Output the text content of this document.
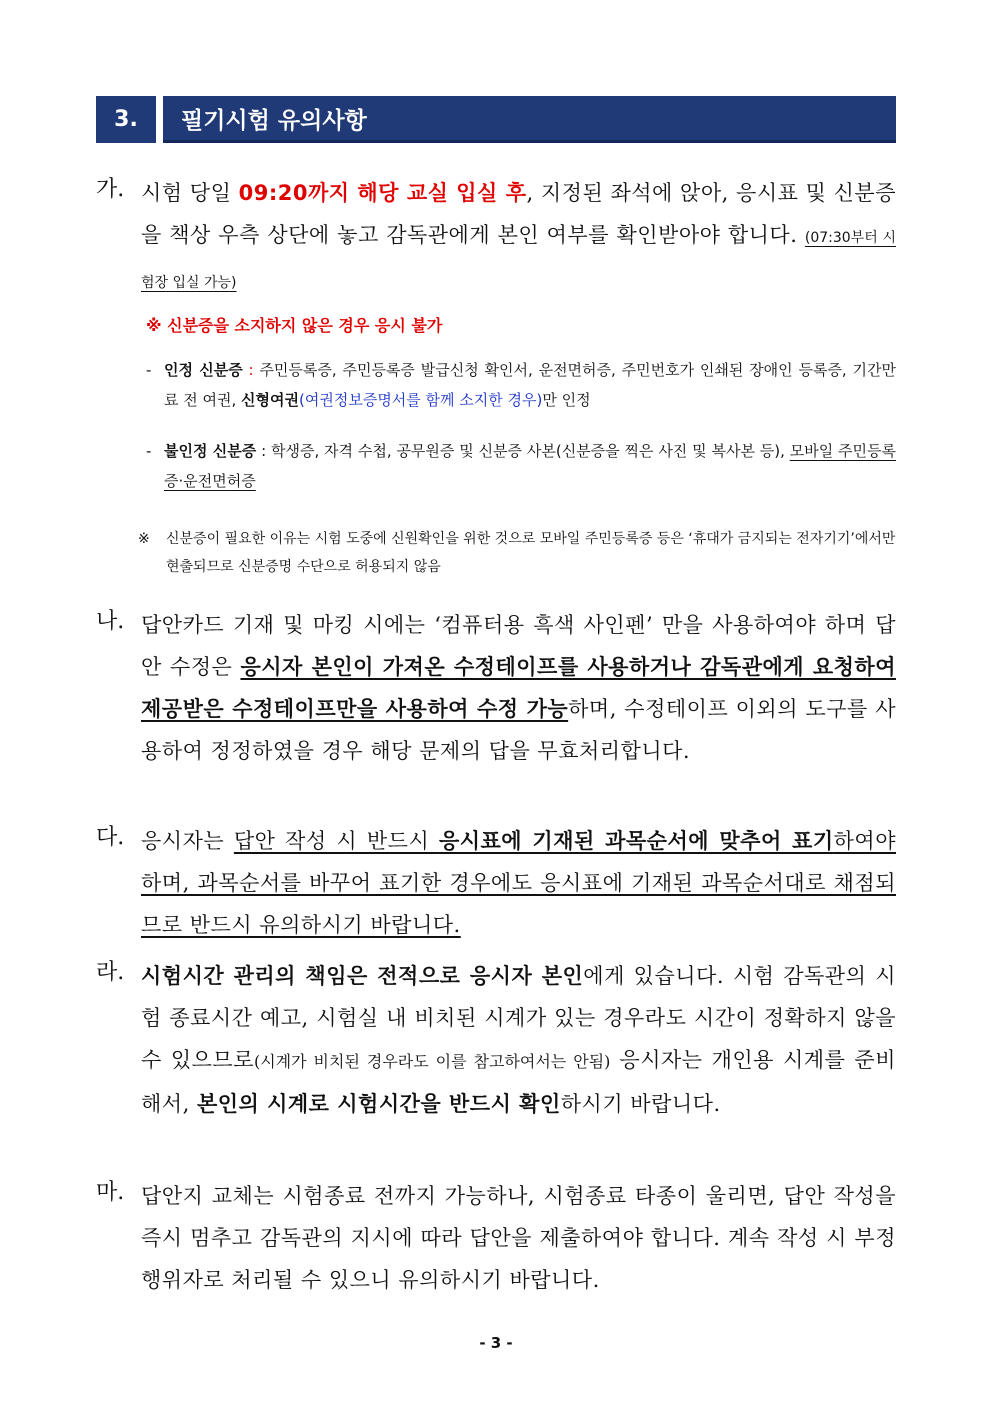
3.	필기시험 유의사항
가. 시험 당일 09:20까지 해당 교실 입실 후, 지정된 좌석에 앉아, 응시표 및 신분증을 책상 우측 상단에 놓고 감독관에게 본인 여부를 확인받아야 합니다. (07:30부터 시험장 입실 가능)
※ 신분증을 소지하지 않은 경우 응시 불가
- 인정 신분증 : 주민등록증, 주민등록증 발급신청 확인서, 운전면허증, 주민번호가 인쇄된 장애인 등록증, 기간만료 전 여권, 신형여권(여권정보증명서를 함께 소지한 경우)만 인정
- 불인정 신분증 : 학생증, 자격 수첩, 공무원증 및 신분증 사본(신분증을 찍은 사진 및 복사본 등), 모바일 주민등록증·운전면허증
※ 신분증이 필요한 이유는 시험 도중에 신원확인을 위한 것으로 모바일 주민등록증 등은 ‘휴대가 금지되는 전자기기’에서만 현출되므로 신분증명 수단으로 허용되지 않음
나. 답안카드 기재 및 마킹 시에는 ‘컴퓨터용 흑색 사인펜’ 만을 사용하여야 하며 답안 수정은 응시자 본인이 가져온 수정테이프를 사용하거나 감독관에게 요청하여 제공받은 수정테이프만을 사용하여 수정 가능하며, 수정테이프 이외의 도구를 사용하여 정정하였을 경우 해당 문제의 답을 무효처리합니다.
다. 응시자는 답안 작성 시 반드시 응시표에 기재된 과목순서에 맞추어 표기하여야 하며, 과목순서를 바꾸어 표기한 경우에도 응시표에 기재된 과목순서대로 채점되므로 반드시 유의하시기 바랍니다.
라. 시험시간 관리의 책임은 전적으로 응시자 본인에게 있습니다. 시험 감독관의 시험 종료시간 예고, 시험실 내 비치된 시계가 있는 경우라도 시간이 정확하지 않을 수 있으므로(시계가 비치된 경우라도 이를 참고하여서는 안됨) 응시자는 개인용 시계를 준비해서, 본인의 시계로 시험시간을 반드시 확인하시기 바랍니다.
마. 답안지 교체는 시험종료 전까지 가능하나, 시험종료 타종이 울리면, 답안 작성을 즉시 멈추고 감독관의 지시에 따라 답안을 제출하여야 합니다. 계속 작성 시 부정행위자로 처리될 수 있으니 유의하시기 바랍니다.
- 3 -
